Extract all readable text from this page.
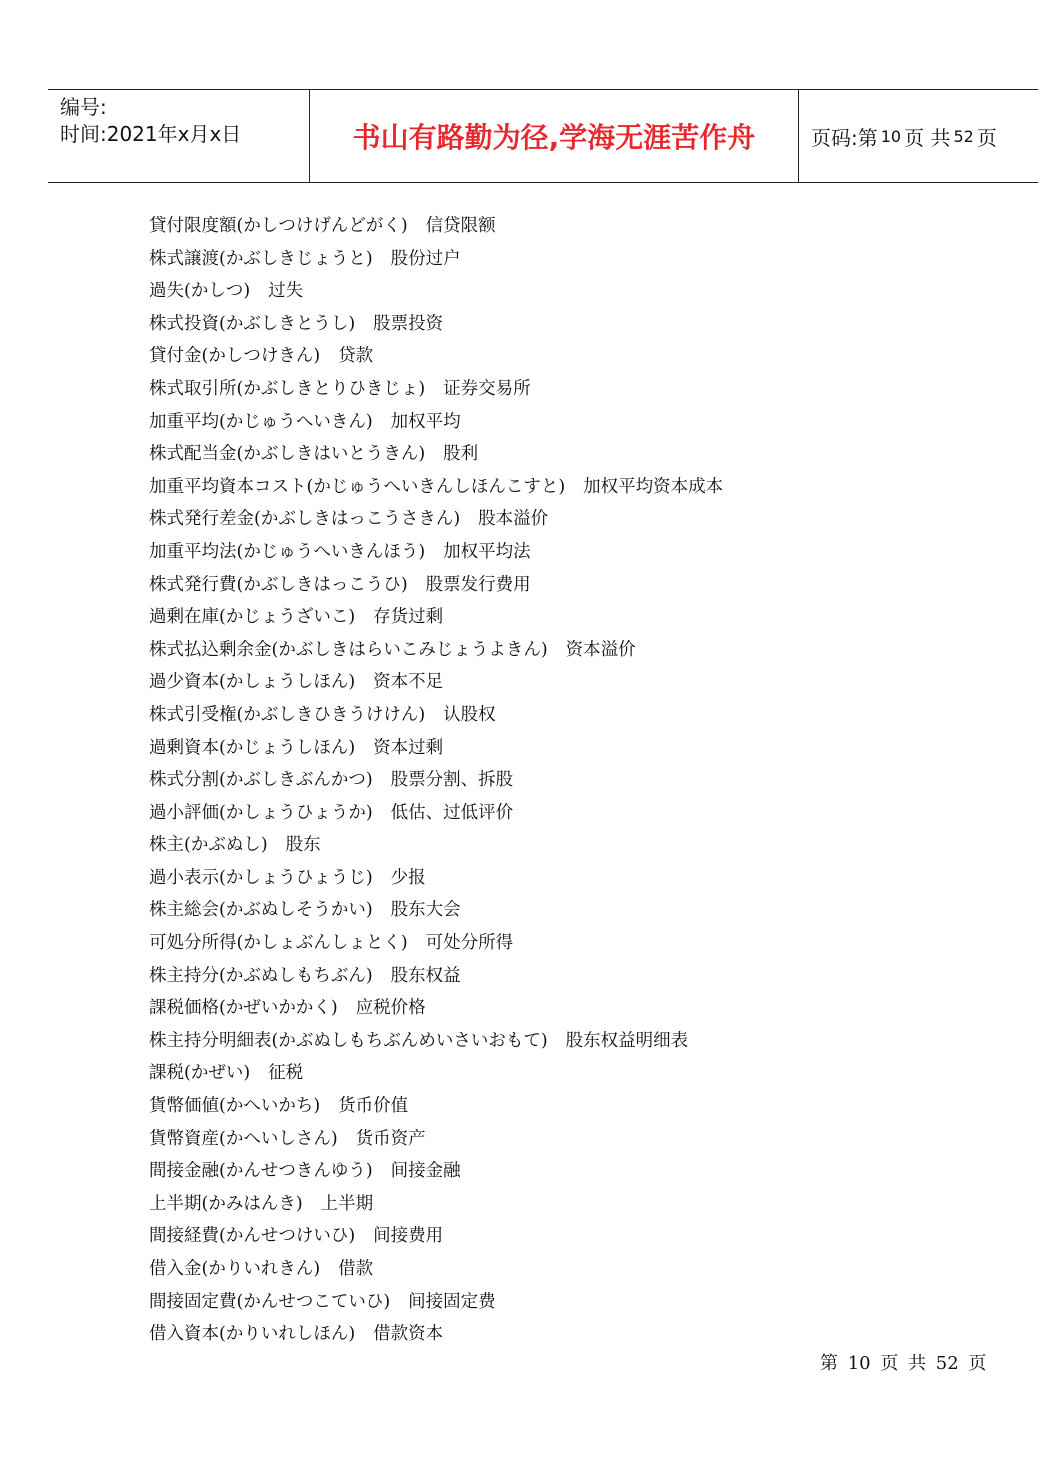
编号:
时间:2021年x月x日	书山有路勤为径,学海无涯苦作舟	页码:第 10 页 共 52 页
貸付限度額(かしつけげんどがく) 信贷限额
株式譲渡(かぶしきじょうと) 股份过户
過失(かしつ) 过失
株式投資(かぶしきとうし) 股票投资
貸付金(かしつけきん) 贷款
株式取引所(かぶしきとりひきじょ) 证券交易所
加重平均(かじゅうへいきん) 加权平均
株式配当金(かぶしきはいとうきん) 股利
加重平均資本コスト(かじゅうへいきんしほんこすと) 加权平均资本成本
株式発行差金(かぶしきはっこうさきん) 股本溢价
加重平均法(かじゅうへいきんほう) 加权平均法
株式発行費(かぶしきはっこうひ) 股票发行费用
過剰在庫(かじょうざいこ) 存货过剩
株式払込剰余金(かぶしきはらいこみじょうよきん) 资本溢价
過少資本(かしょうしほん) 资本不足
株式引受権(かぶしきひきうけけん) 认股权
過剰資本(かじょうしほん) 资本过剩
株式分割(かぶしきぶんかつ) 股票分割、拆股
過小評価(かしょうひょうか) 低估、过低评价
株主(かぶぬし) 股东
過小表示(かしょうひょうじ) 少报
株主総会(かぶぬしそうかい) 股东大会
可処分所得(かしょぶんしょとく) 可处分所得
株主持分(かぶぬしもちぶん) 股东权益
課税価格(かぜいかかく) 应税价格
株主持分明細表(かぶぬしもちぶんめいさいおもて) 股东权益明细表
課税(かぜい) 征税
貨幣価値(かへいかち) 货币价值
貨幣資産(かへいしさん) 货币资产
間接金融(かんせつきんゆう) 间接金融
上半期(かみはんき) 上半期
間接経費(かんせつけいひ) 间接费用
借入金(かりいれきん) 借款
間接固定費(かんせつこていひ) 间接固定费
借入資本(かりいれしほん) 借款资本
第 10 页 共 52 页
